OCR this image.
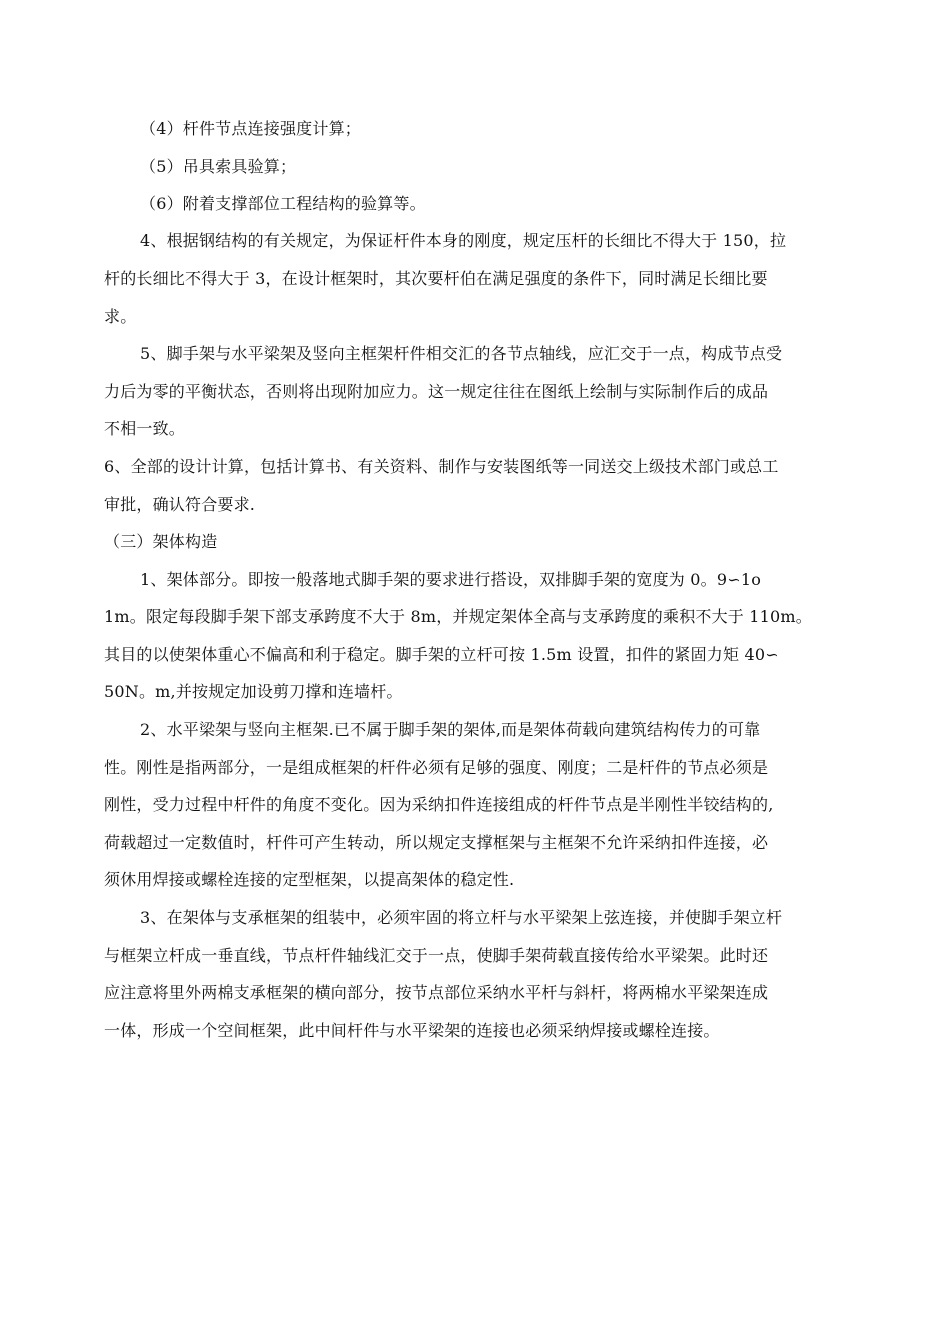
（4）杆件节点连接强度计算；
（5）吊具索具验算；
（6）附着支撑部位工程结构的验算等。
4、根据钢结构的有关规定，为保证杆件本身的刚度，规定压杆的长细比不得大于 150，拉
杆的长细比不得大于 3，在设计框架时，其次要杆伯在满足强度的条件下，同时满足长细比要
求。
5、脚手架与水平梁架及竖向主框架杆件相交汇的各节点轴线，应汇交于一点，构成节点受
力后为零的平衡状态，否则将出现附加应力。这一规定往往在图纸上绘制与实际制作后的成品
不相一致。
6、全部的设计计算，包括计算书、有关资料、制作与安装图纸等一同送交上级技术部门或总工
审批，确认符合要求.
（三）架体构造
1、架体部分。即按一般落地式脚手架的要求进行搭设，双排脚手架的宽度为 0。9∽1o
1m。限定每段脚手架下部支承跨度不大于 8m，并规定架体全高与支承跨度的乘积不大于 110m。
其目的以使架体重心不偏高和利于稳定。脚手架的立杆可按 1.5m 设置，扣件的紧固力矩 40∽
50N。m,并按规定加设剪刀撑和连墙杆。
2、水平梁架与竖向主框架.已不属于脚手架的架体,而是架体荷载向建筑结构传力的可靠
性。刚性是指两部分，一是组成框架的杆件必须有足够的强度、刚度；二是杆件的节点必须是
刚性，受力过程中杆件的角度不变化。因为采纳扣件连接组成的杆件节点是半刚性半铰结构的,
荷载超过一定数值时，杆件可产生转动，所以规定支撑框架与主框架不允许采纳扣件连接，必
须休用焊接或螺栓连接的定型框架，以提高架体的稳定性.
3、在架体与支承框架的组装中，必须牢固的将立杆与水平梁架上弦连接，并使脚手架立杆
与框架立杆成一垂直线，节点杆件轴线汇交于一点，使脚手架荷载直接传给水平梁架。此时还
应注意将里外两棉支承框架的横向部分，按节点部位采纳水平杆与斜杆，将两棉水平梁架连成
一体，形成一个空间框架，此中间杆件与水平梁架的连接也必须采纳焊接或螺栓连接。
